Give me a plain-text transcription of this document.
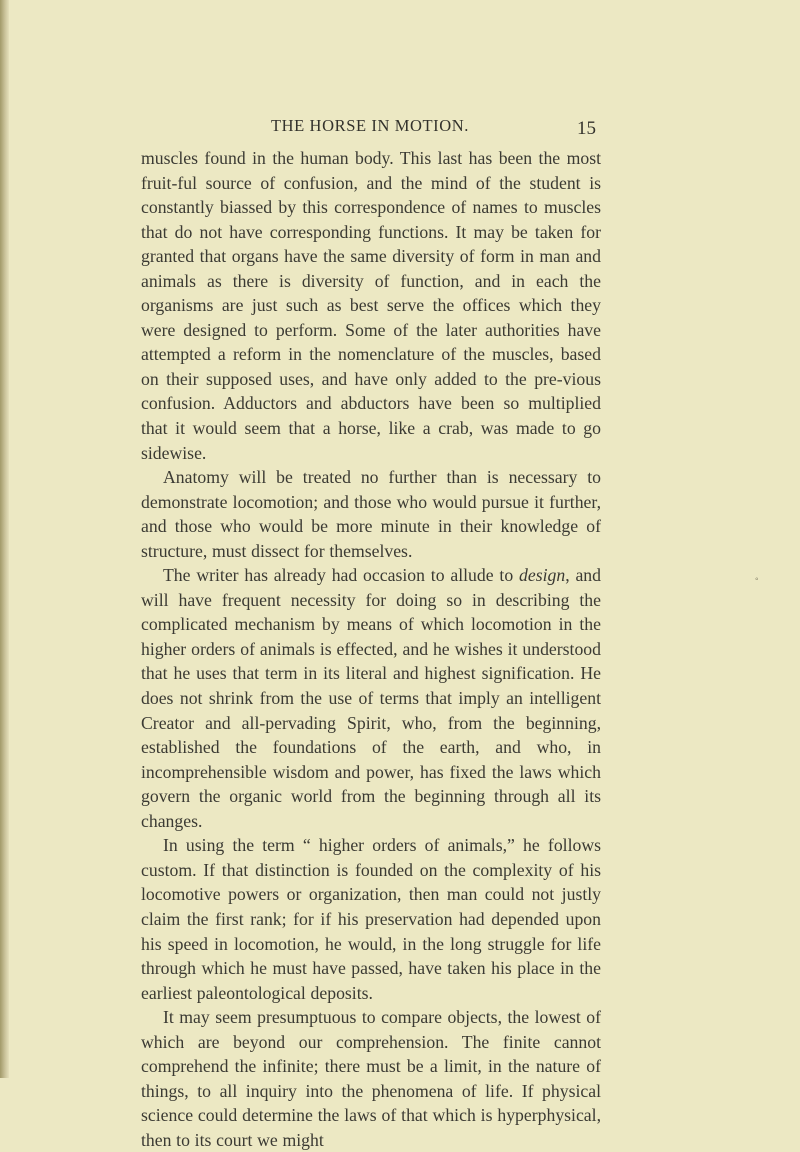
THE HORSE IN MOTION.	15

muscles found in the human body. This last has been the most fruit-ful source of confusion, and the mind of the student is constantly biassed by this correspondence of names to muscles that do not have corresponding functions. It may be taken for granted that organs have the same diversity of form in man and animals as there is diversity of function, and in each the organisms are just such as best serve the offices which they were designed to perform. Some of the later authorities have attempted a reform in the nomenclature of the muscles, based on their supposed uses, and have only added to the pre-vious confusion. Adductors and abductors have been so multiplied that it would seem that a horse, like a crab, was made to go sidewise.

Anatomy will be treated no further than is necessary to demonstrate locomotion; and those who would pursue it further, and those who would be more minute in their knowledge of structure, must dissect for themselves.

The writer has already had occasion to allude to design, and will have frequent necessity for doing so in describing the complicated mechanism by means of which locomotion in the higher orders of animals is effected, and he wishes it understood that he uses that term in its literal and highest signification. He does not shrink from the use of terms that imply an intelligent Creator and all-pervading Spirit, who, from the beginning, established the foundations of the earth, and who, in incomprehensible wisdom and power, has fixed the laws which govern the organic world from the beginning through all its changes.

In using the term “ higher orders of animals,” he follows custom. If that distinction is founded on the complexity of his locomotive powers or organization, then man could not justly claim the first rank; for if his preservation had depended upon his speed in locomotion, he would, in the long struggle for life through which he must have passed, have taken his place in the earliest paleontological deposits.

It may seem presumptuous to compare objects, the lowest of which are beyond our comprehension. The finite cannot comprehend the infinite; there must be a limit, in the nature of things, to all inquiry into the phenomena of life. If physical science could determine the laws of that which is hyperphysical, then to its court we might

◦
